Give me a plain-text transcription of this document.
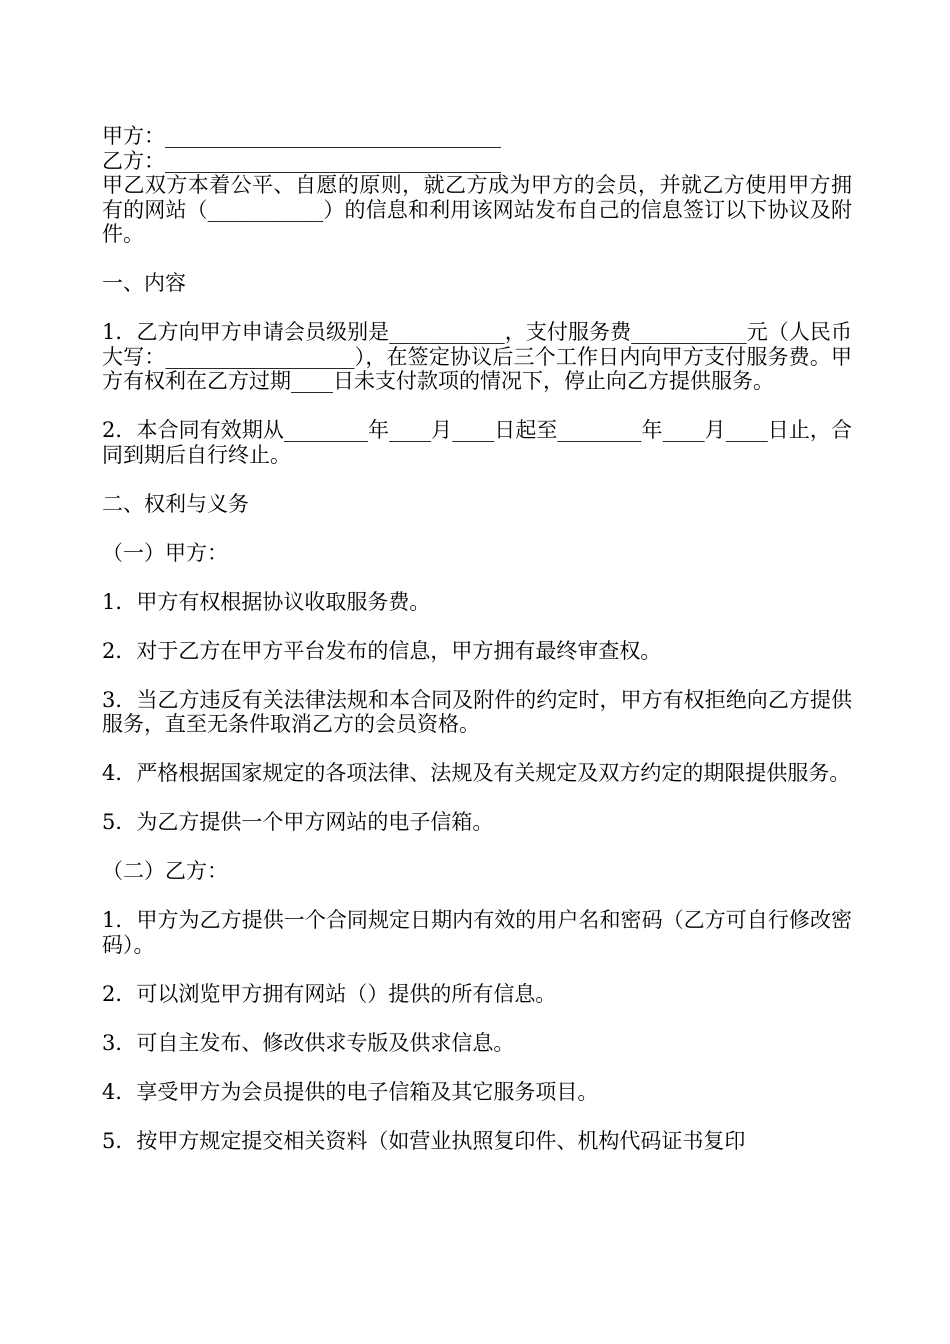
甲方：________________________________

乙方：________________________________

甲乙双方本着公平、自愿的原则，就乙方成为甲方的会员，并就乙方使用甲方拥有的网站（___________）的信息和利用该网站发布自己的信息签订以下协议及附件。

一、内容

1．乙方向甲方申请会员级别是___________，支付服务费___________元（人民币 大写：__________________），在签定协议后三个工作日内向甲方支付服务费。甲方有权利在乙方过期____日未支付款项的情况下，停止向乙方提供服务。

2．本合同有效期从________年____月____日起至________年____月____日止，合同到期后自行终止。

二、权利与义务

（一）甲方：

1．甲方有权根据协议收取服务费。

2．对于乙方在甲方平台发布的信息，甲方拥有最终审查权。

3．当乙方违反有关法律法规和本合同及附件的约定时，甲方有权拒绝向乙方提供服务，直至无条件取消乙方的会员资格。

4．严格根据国家规定的各项法律、法规及有关规定及双方约定的期限提供服务。

5．为乙方提供一个甲方网站的电子信箱。

（二）乙方：

1．甲方为乙方提供一个合同规定日期内有效的用户名和密码（乙方可自行修改密码）。

2．可以浏览甲方拥有网站（）提供的所有信息。

3．可自主发布、修改供求专版及供求信息。

4．享受甲方为会员提供的电子信箱及其它服务项目。

5．按甲方规定提交相关资料（如营业执照复印件、机构代码证书复印
